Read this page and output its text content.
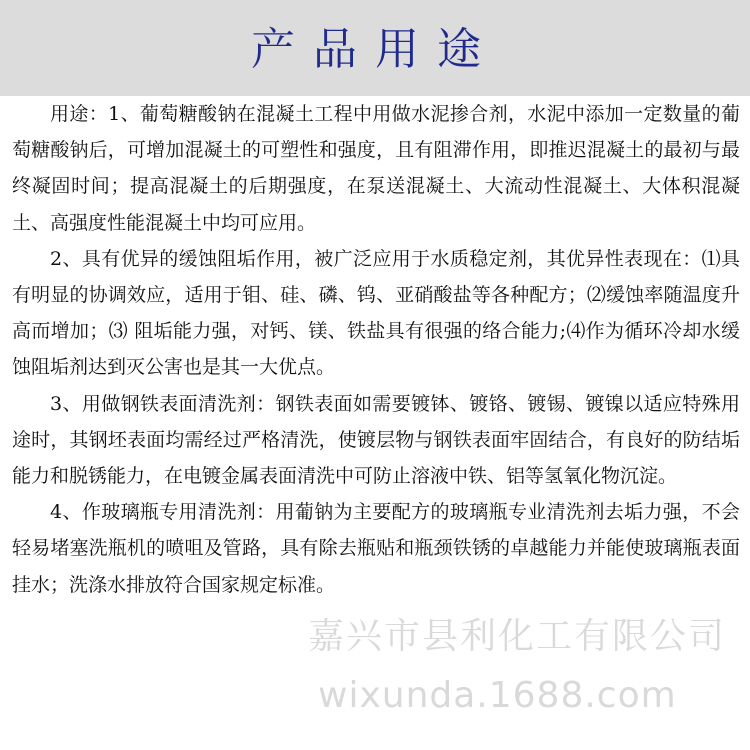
产品用途

用途：1、葡萄糖酸钠在混凝土工程中用做水泥掺合剂，水泥中添加一定数量的葡萄糖酸钠后，可增加混凝土的可塑性和强度，且有阻滞作用，即推迟混凝土的最初与最终凝固时间；提高混凝土的后期强度，在泵送混凝土、大流动性混凝土、大体积混凝土、高强度性能混凝土中均可应用。

2、具有优异的缓蚀阻垢作用，被广泛应用于水质稳定剂，其优异性表现在：⑴具有明显的协调效应，适用于钼、硅、磷、钨、亚硝酸盐等各种配方；⑵缓蚀率随温度升高而增加；⑶ 阻垢能力强，对钙、镁、铁盐具有很强的络合能力;⑷作为循环冷却水缓蚀阻垢剂达到灭公害也是其一大优点。

3、用做钢铁表面清洗剂：钢铁表面如需要镀钵、镀铬、镀锡、镀镍以适应特殊用途时，其钢坯表面均需经过严格清洗，使镀层物与钢铁表面牢固结合，有良好的防结垢能力和脱锈能力，在电镀金属表面清洗中可防止溶液中铁、铝等氢氧化物沉淀。

4、作玻璃瓶专用清洗剂：用葡钠为主要配方的玻璃瓶专业清洗剂去垢力强，不会轻易堵塞洗瓶机的喷咀及管路，具有除去瓶贴和瓶颈铁锈的卓越能力并能使玻璃瓶表面挂水；洗涤水排放符合国家规定标准。

嘉兴市县利化工有限公司
wixunda.1688.com
